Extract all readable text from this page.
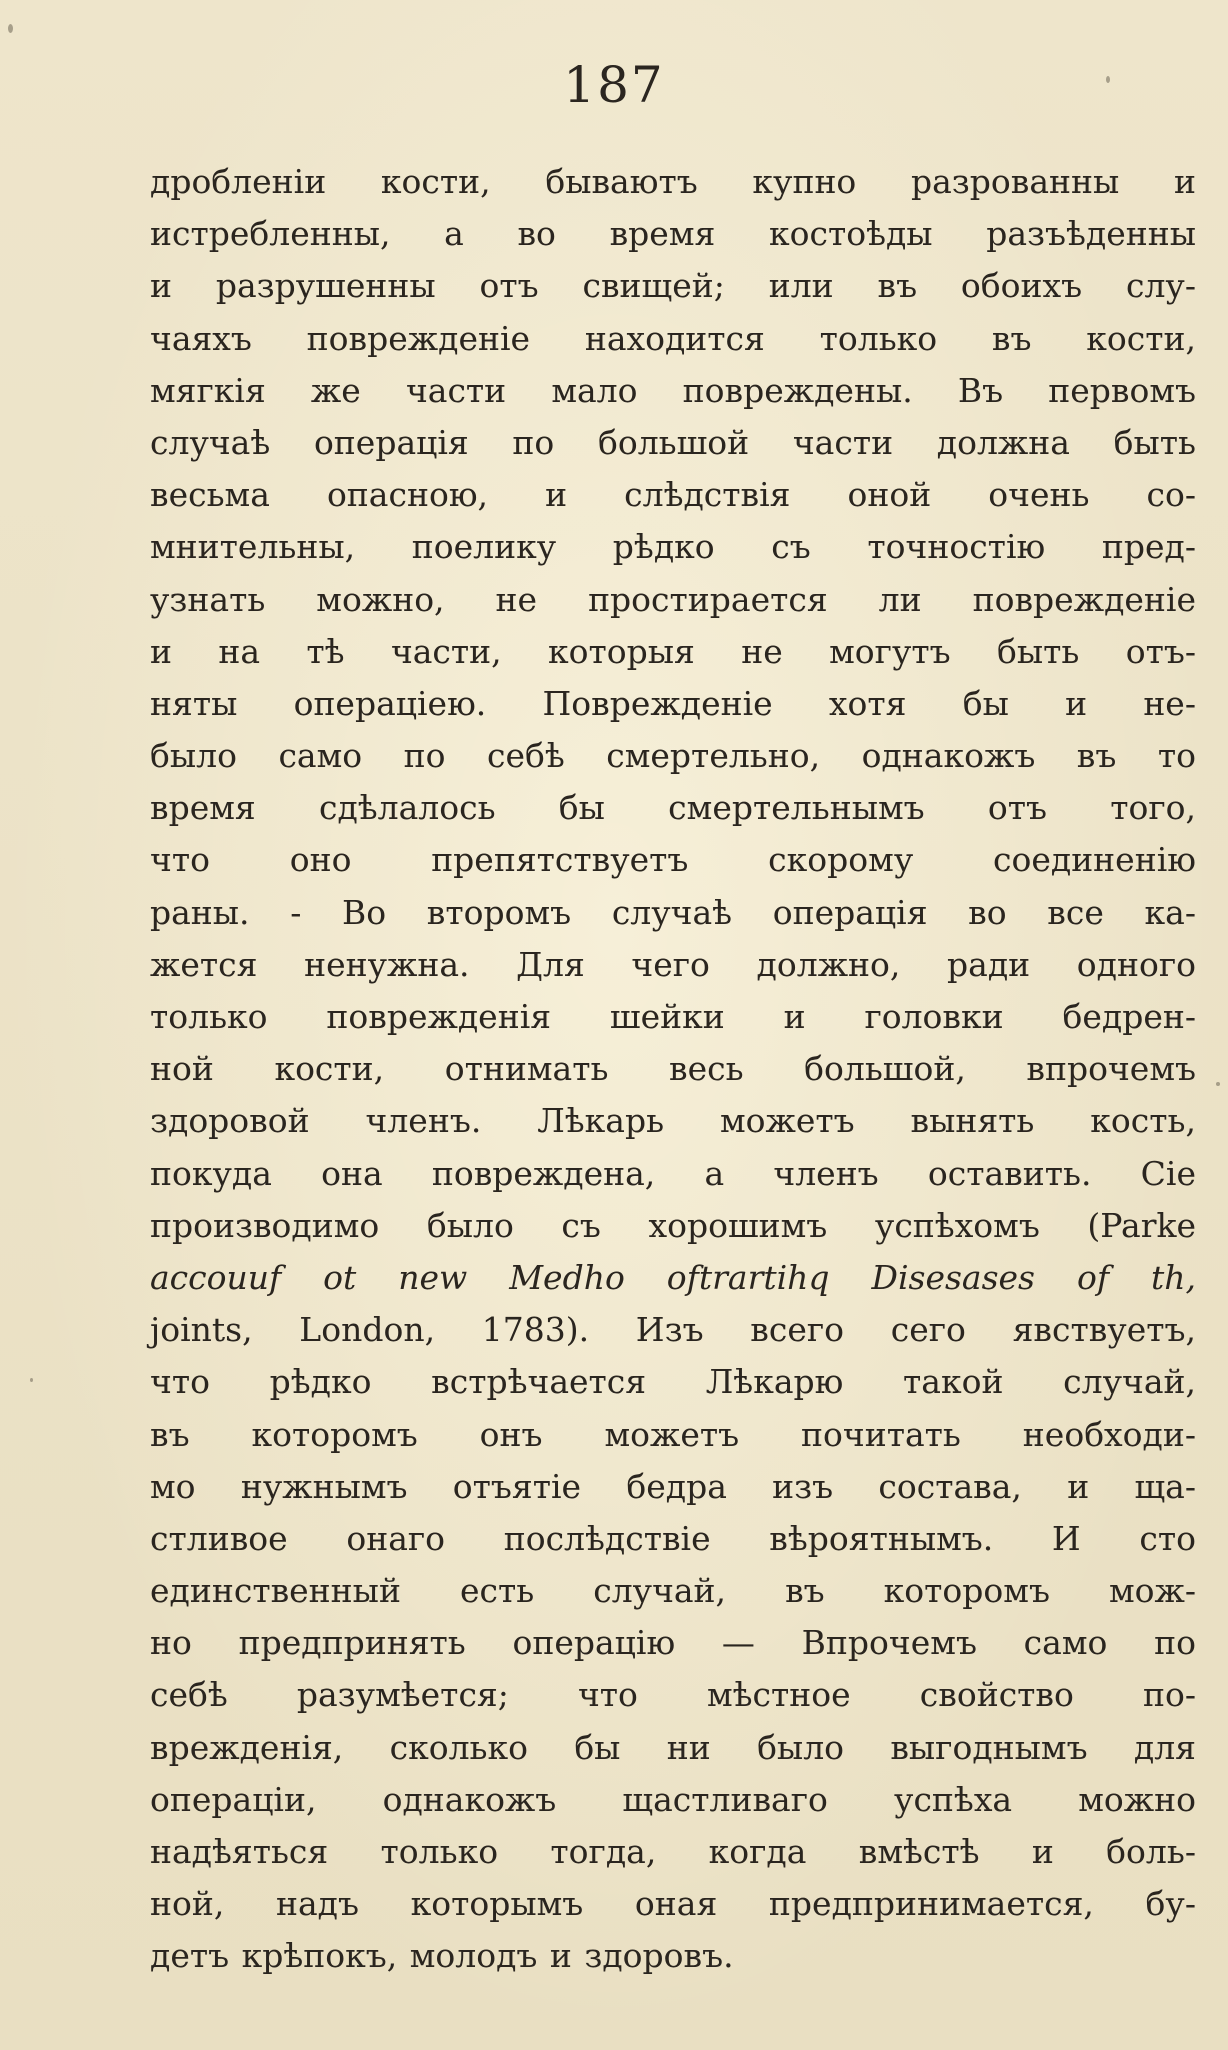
187
дробленіи кости, бываютъ купно разрованны и
истребленны, а во время костоѣды разъѣденны
и разрушенны отъ свищей; или въ обоихъ слу-
чаяхъ поврежденіе находится только въ кости,
мягкія же части мало повреждены. Въ первомъ
случаѣ операція по большой части должна быть
весьма опасною, и слѣдствія оной очень со-
мнительны, поелику рѣдко съ точностію пред-
узнать можно, не простирается ли поврежденіе
и на тѣ части, которыя не могутъ быть отъ-
няты операціею. Поврежденіе хотя бы и не-
было само по себѣ смертельно, однакожъ въ то
время сдѣлалось бы смертельнымъ отъ того,
что оно препятствуетъ скорому соединенію
раны. - Во второмъ случаѣ операція во все ка-
жется ненужна. Для чего должно, ради одного
только поврежденія шейки и головки бедрен-
ной кости, отнимать весь большой, впрочемъ
здоровой членъ. Лѣкарь можетъ вынять кость,
покуда она повреждена, а членъ оставить. Сіе
производимо было съ хорошимъ успѣхомъ (Parke
accouuf ot new Medho oftrartihq Disesases of th,
joints, London, 1783). Изъ всего сего явствуетъ,
что рѣдко встрѣчается Лѣкарю такой случай,
въ которомъ онъ можетъ почитать необходи-
мо нужнымъ отъятіе бедра изъ состава, и ща-
стливое онаго послѣдствіе вѣроятнымъ. И сто
единственный есть случай, въ которомъ мож-
но предпринять операцію — Впрочемъ само по
себѣ разумѣется; что мѣстное свойство по-
врежденія, сколько бы ни было выгоднымъ для
операціи, однакожъ щастливаго успѣха можно
надѣяться только тогда, когда вмѣстѣ и боль-
ной, надъ которымъ оная предпринимается, бу-
детъ крѣпокъ, молодъ и здоровъ.
